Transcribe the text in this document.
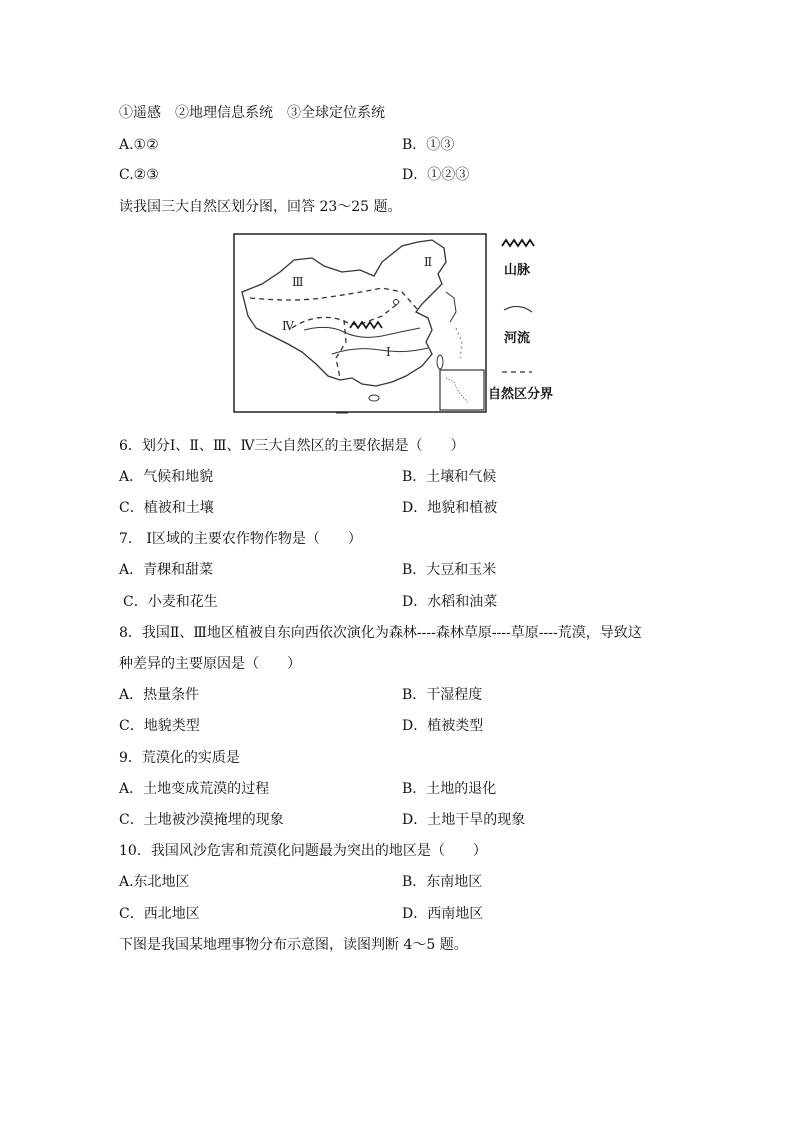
①遥感　②地理信息系统　③全球定位系统
A.①②	B．①③
C.②③	D．①②③
读我国三大自然区划分图，回答 23～25 题。
Ⅰ
Ⅱ
Ⅲ
Ⅳ
山脉
河流
自然区分界
6．划分Ⅰ、Ⅱ、Ⅲ、Ⅳ三大自然区的主要依据是（　　）
A．气候和地貌	B．土壤和气候
C．植被和土壤	D．地貌和植被
7.　Ⅰ区域的主要农作物作物是（　　）
A．青稞和甜菜	B．大豆和玉米
C．小麦和花生	D．水稻和油菜
8．我国Ⅱ、Ⅲ地区植被自东向西依次演化为森林----森林草原----草原----荒漠，导致这
种差异的主要原因是（　　）
A．热量条件	B．干湿程度
C．地貌类型	D．植被类型
9．荒漠化的实质是
A．土地变成荒漠的过程	B．土地的退化
C．土地被沙漠掩埋的现象	D．土地干旱的现象
10．我国风沙危害和荒漠化问题最为突出的地区是（　　）
A.东北地区	B．东南地区
C．西北地区	D．西南地区
下图是我国某地理事物分布示意图，读图判断 4～5 题。
